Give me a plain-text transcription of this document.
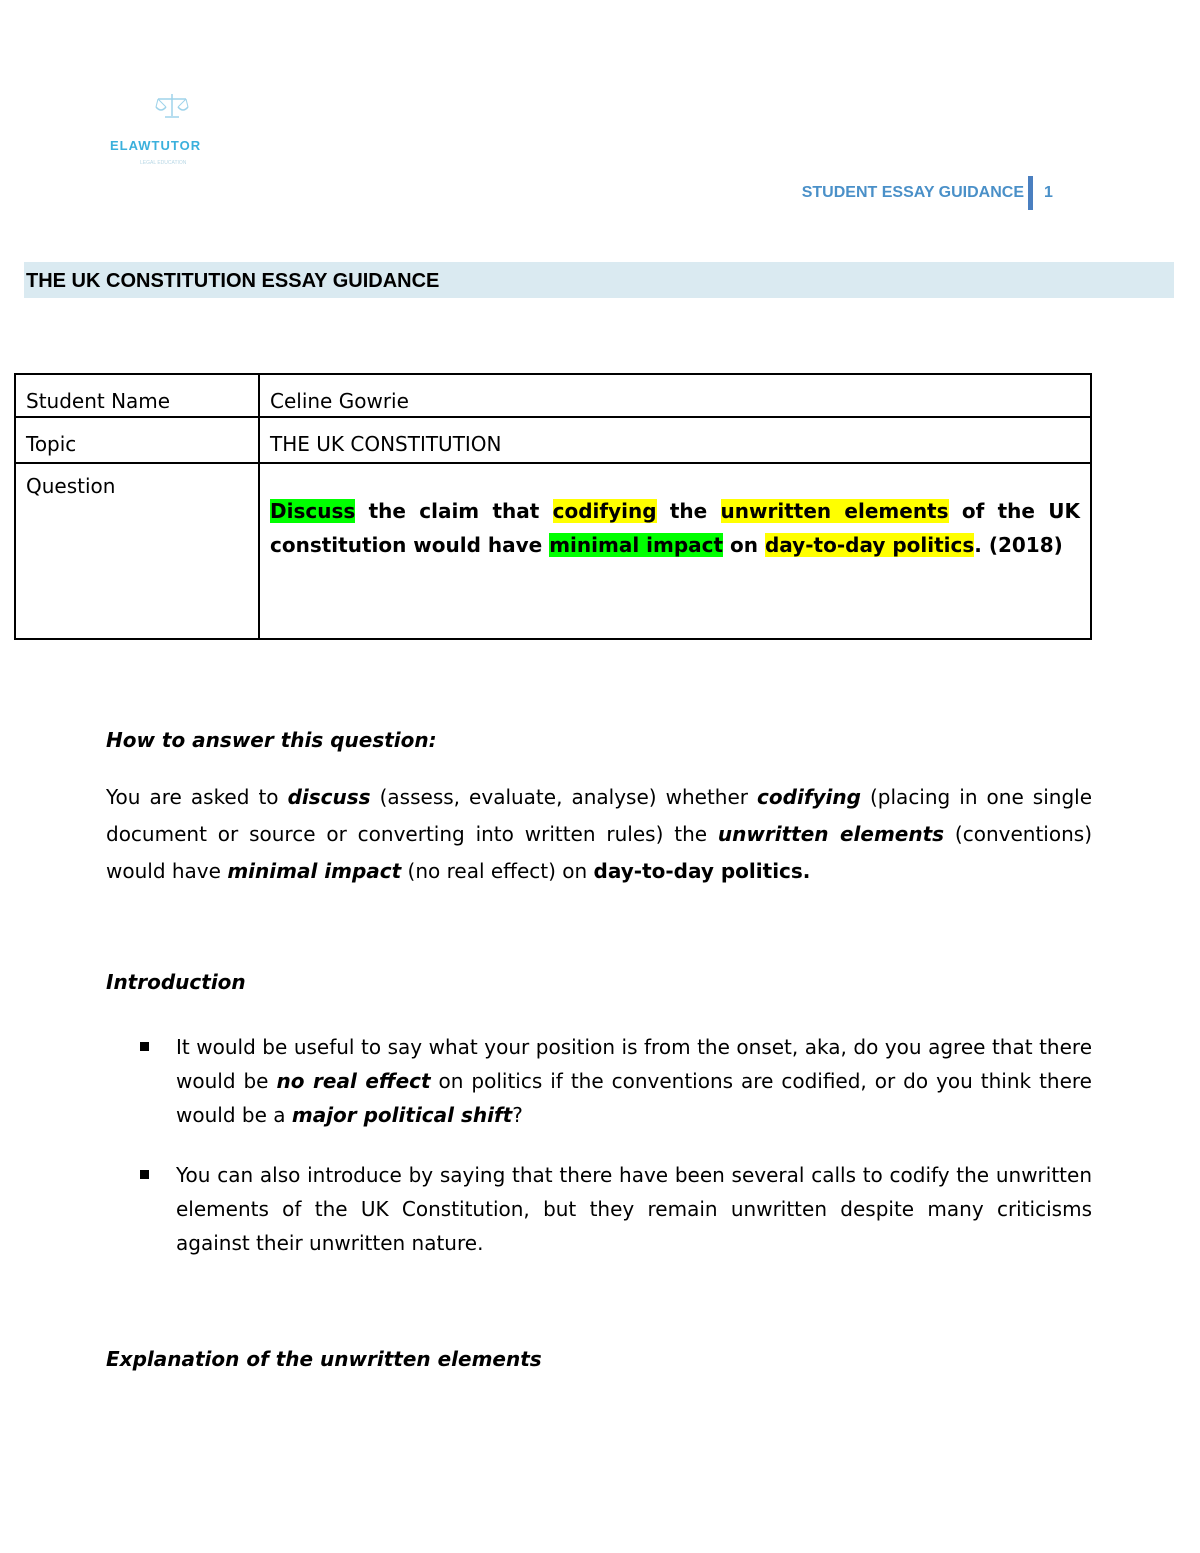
ELAWTUTOR
LEGAL EDUCATION
STUDENT ESSAY GUIDANCE 1
THE UK CONSTITUTION ESSAY GUIDANCE
Student Name	Celine Gowrie
Topic	THE UK CONSTITUTION
Question	Discuss the claim that codifying the unwritten elements of the UK constitution would have minimal impact on day-to-day politics. (2018)
How to answer this question:
You are asked to discuss (assess, evaluate, analyse) whether codifying (placing in one single document or source or converting into written rules) the unwritten elements (conventions) would have minimal impact (no real effect) on day-to-day politics.
Introduction
It would be useful to say what your position is from the onset, aka, do you agree that there would be no real effect on politics if the conventions are codified, or do you think there would be a major political shift?
You can also introduce by saying that there have been several calls to codify the unwritten elements of the UK Constitution, but they remain unwritten despite many criticisms against their unwritten nature.
Explanation of the unwritten elements
